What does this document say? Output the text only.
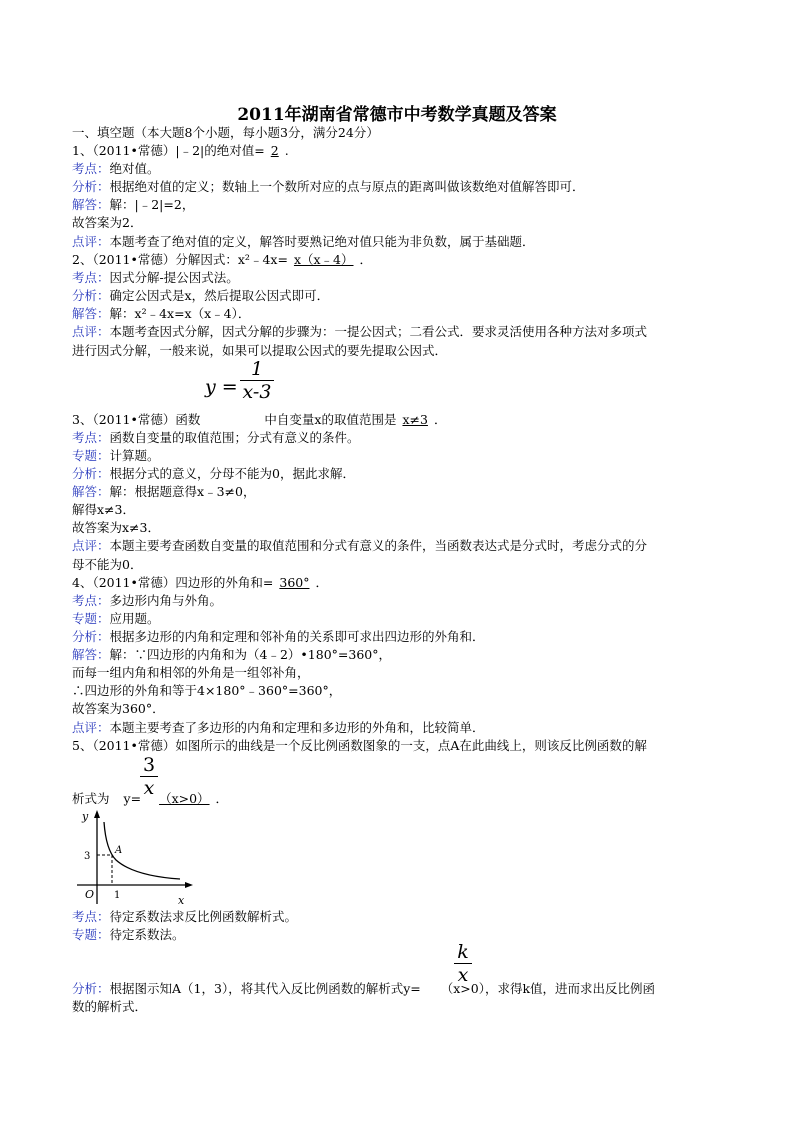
2011年湖南省常德市中考数学真题及答案
一、填空题（本大题8个小题，每小题3分，满分24分）
1、（2011•常德）|﹣2|的绝对值= 2 .
考点：绝对值。
分析：根据绝对值的定义；数轴上一个数所对应的点与原点的距离叫做该数绝对值解答即可．
解答：解：|﹣2|=2，
故答案为2．
点评：本题考查了绝对值的定义，解答时要熟记绝对值只能为非负数，属于基础题．
2、（2011•常德）分解因式：x²﹣4x= x（x﹣4） ．
考点：因式分解-提公因式法。
分析：确定公因式是x，然后提取公因式即可．
解答：解：x²﹣4x=x（x﹣4）．
点评：本题考查因式分解，因式分解的步骤为：一提公因式；二看公式．要求灵活使用各种方法对多项式
进行因式分解，一般来说，如果可以提取公因式的要先提取公因式．
y =
1
x-3
3、（2011•常德）函数	中自变量x的取值范围是 x≠3 ．
考点：函数自变量的取值范围；分式有意义的条件。
专题：计算题。
分析：根据分式的意义，分母不能为0，据此求解．
解答：解：根据题意得x﹣3≠0，
解得x≠3．
故答案为x≠3．
点评：本题主要考查函数自变量的取值范围和分式有意义的条件，当函数表达式是分式时，考虑分式的分
母不能为0．
4、（2011•常德）四边形的外角和= 360° ．
考点：多边形内角与外角。
专题：应用题。
分析：根据多边形的内角和定理和邻补角的关系即可求出四边形的外角和．
解答：解：∵四边形的内角和为（4﹣2）•180°=360°，
而每一组内角和相邻的外角是一组邻补角，
∴四边形的外角和等于4×180°﹣360°=360°，
故答案为360°．
点评：本题主要考查了多边形的内角和定理和多边形的外角和，比较简单．
5、（2011•常德）如图所示的曲线是一个反比例函数图象的一支，点A在此曲线上，则该反比例函数的解
析式为 y= （x>0） ．
3
x
y
x
O
3
1
A
考点：待定系数法求反比例函数解析式。
专题：待定系数法。
k
x
分析：根据图示知A（1，3），将其代入反比例函数的解析式y= （x>0），求得k值，进而求出反比例函
数的解析式．
